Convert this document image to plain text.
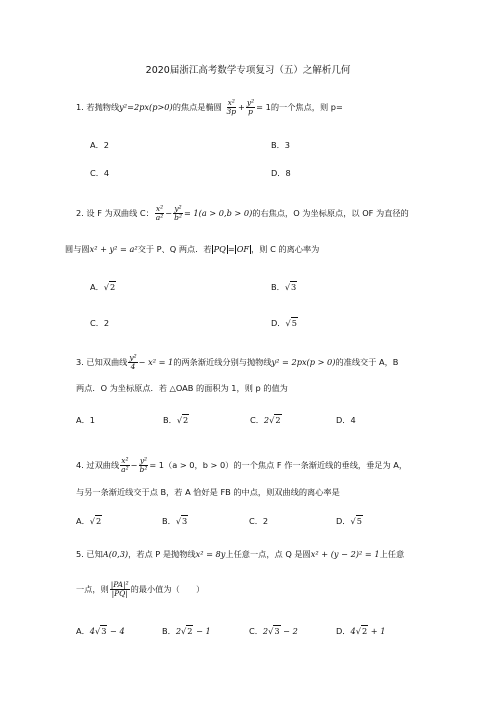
2020届浙江高考数学专项复习（五）之解析几何
1. 若抛物线y²=2px(p>0)的焦点是椭圆 $\frac{\text{x²}}{3p} + \frac{\text{y²}}{p} = 1$的一个焦点，则 p=
A．2	B．3
C．4	D．8
2. 设 F 为双曲线 C： $\frac{\text{x²}}{\text{a²}} - \frac{\text{y²}}{\text{b²}} = 1(a > 0,b > 0)$的右焦点，O 为坐标原点，以 OF 为直径的
圆与圆x² + y² = a²交于 P、Q 两点．若 PQ = OF ，则 C 的离心率为
A．√2	B．√3
C．2	D．√5
3. 已知双曲线 $\frac{\text{y²}}{4} - x^2 = 1$的两条渐近线分别与抛物线y² = 2px(p > 0)的准线交于 A，B
两点．O 为坐标原点．若 △OAB 的面积为 1，则 p 的值为
A．1	B．√2	C．2√2	D．4
4. 过双曲线 $\frac{\text{x²}}{\text{a²}} - \frac{\text{y²}}{\text{b²}} = 1(a > 0$，b > 0）的一个焦点 F 作一条渐近线的垂线，垂足为 A，
与另一条渐近线交于点 B，若 A 恰好是 FB 的中点，则双曲线的离心率是
A．√2	B．√3	C．2	D．√5
5. 已知A(0,3)，若点 P 是抛物线x² = 8y上任意一点，点 Q 是圆x² + (y − 2)² = 1上任意
一点，则 $\frac{\text{|PA|²}}{|PQ|}$ 的最小值为（　　）
A．4√3 − 4	B．2√2 − 1	C．2√3 − 2	D．4√2 + 1
